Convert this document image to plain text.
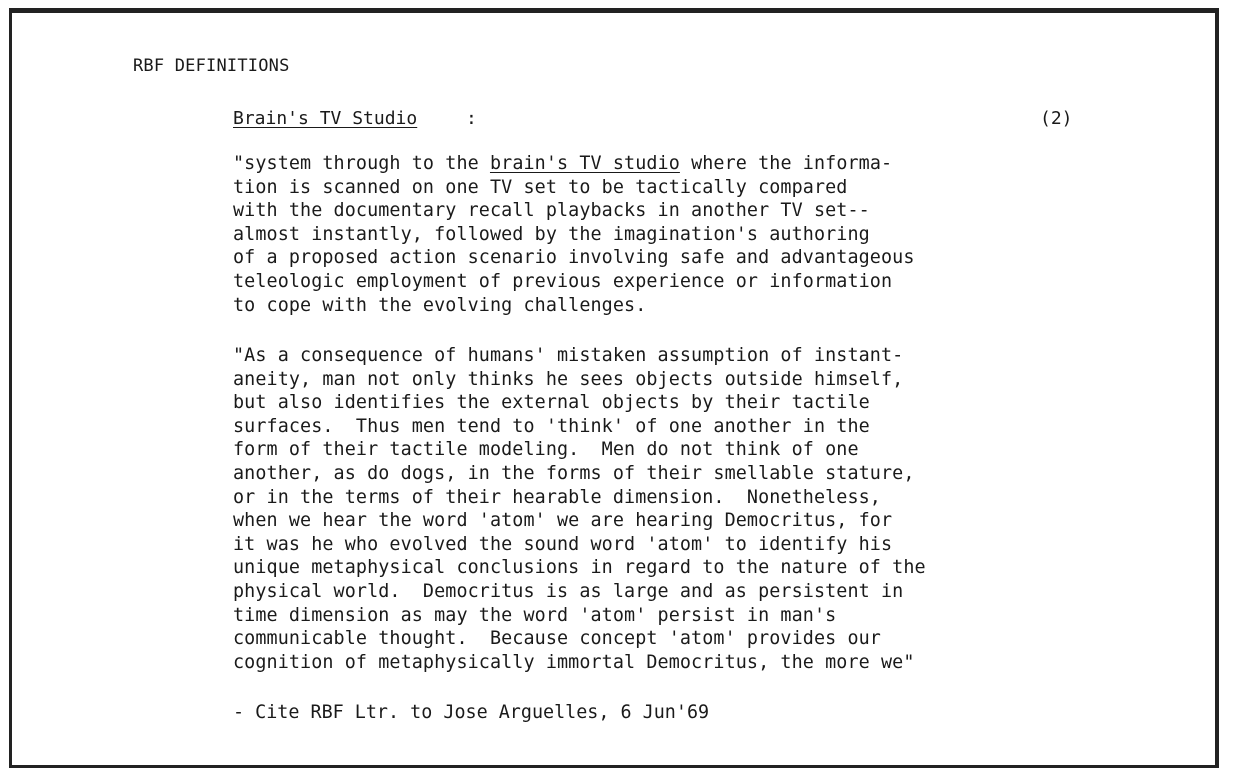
RBF DEFINITIONS
Brain's TV Studio	:	(2)
"system through to the brain's TV studio where the informa-
tion is scanned on one TV set to be tactically compared
with the documentary recall playbacks in another TV set--
almost instantly, followed by the imagination's authoring
of a proposed action scenario involving safe and advantageous
teleologic employment of previous experience or information
to cope with the evolving challenges.
"As a consequence of humans' mistaken assumption of instant-
aneity, man not only thinks he sees objects outside himself,
but also identifies the external objects by their tactile
surfaces.  Thus men tend to 'think' of one another in the
form of their tactile modeling.  Men do not think of one
another, as do dogs, in the forms of their smellable stature,
or in the terms of their hearable dimension.  Nonetheless,
when we hear the word 'atom' we are hearing Democritus, for
it was he who evolved the sound word 'atom' to identify his
unique metaphysical conclusions in regard to the nature of the
physical world.  Democritus is as large and as persistent in
time dimension as may the word 'atom' persist in man's
communicable thought.  Because concept 'atom' provides our
cognition of metaphysically immortal Democritus, the more we"
- Cite RBF Ltr. to Jose Arguelles, 6 Jun'69
